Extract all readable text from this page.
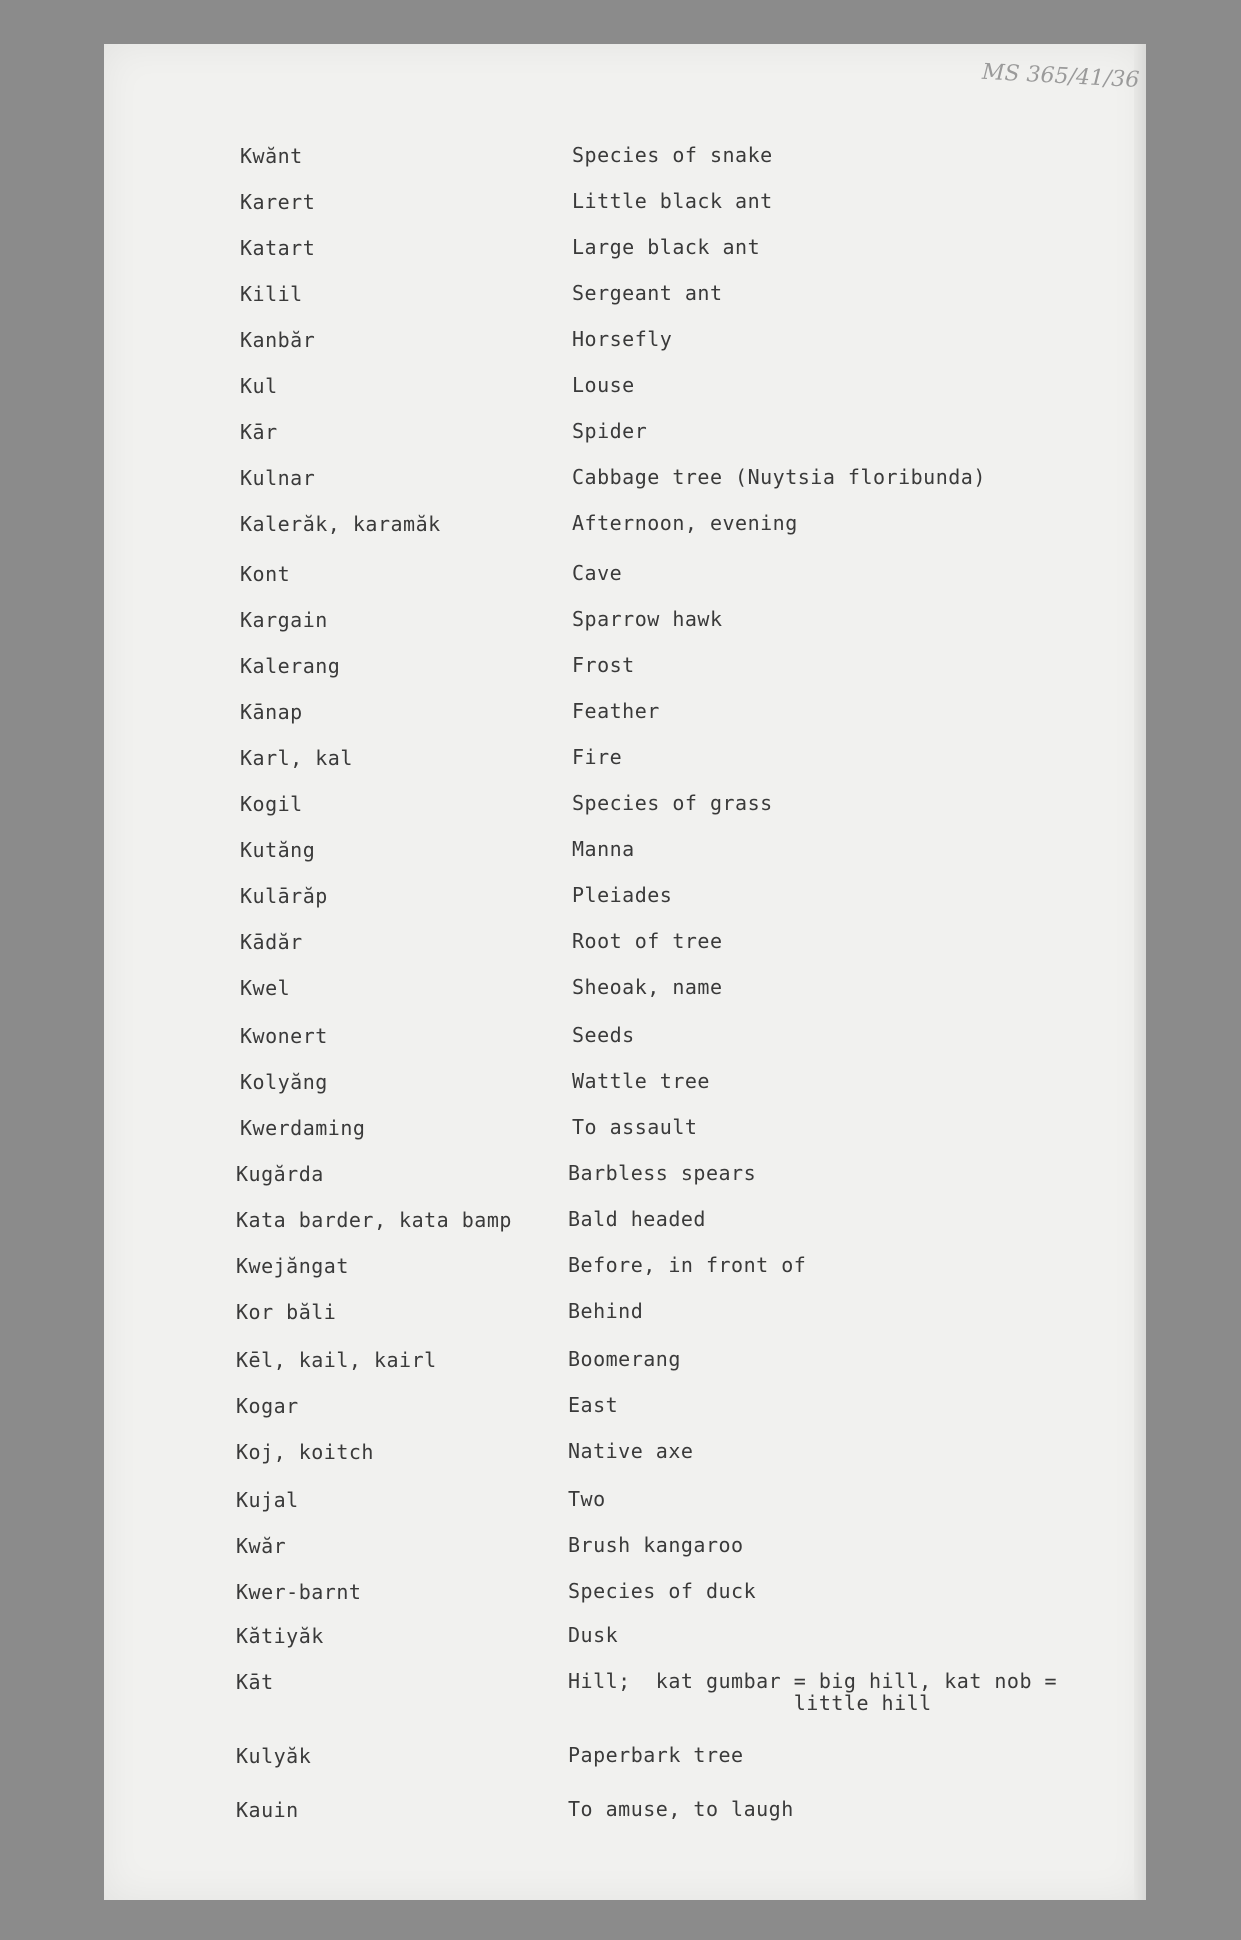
MS 365/41/36
Kwănt	Species of snake
Karert	Little black ant
Katart	Large black ant
Kilil	Sergeant ant
Kanbăr	Horsefly
Kul	Louse
Kār	Spider
Kulnar	Cabbage tree (Nuytsia floribunda)
Kalerăk, karamăk	Afternoon, evening
Kont	Cave
Kargain	Sparrow hawk
Kalerang	Frost
Kānap	Feather
Karl, kal	Fire
Kogil	Species of grass
Kutăng	Manna
Kulārăp	Pleiades
Kādăr	Root of tree
Kwel	Sheoak, name
Kwonert	Seeds
Kolyăng	Wattle tree
Kwerdaming	To assault
Kugărda	Barbless spears
Kata barder, kata bamp	Bald headed
Kwejăngat	Before, in front of
Kor băli	Behind
Kēl, kail, kairl	Boomerang
Kogar	East
Koj, koitch	Native axe
Kujal	Two
Kwăr	Brush kangaroo
Kwer-barnt	Species of duck
Kătiyăk	Dusk
Kāt	Hill;  kat gumbar = big hill, kat nob =
little hill
Kulyăk	Paperbark tree
Kauin	To amuse, to laugh
